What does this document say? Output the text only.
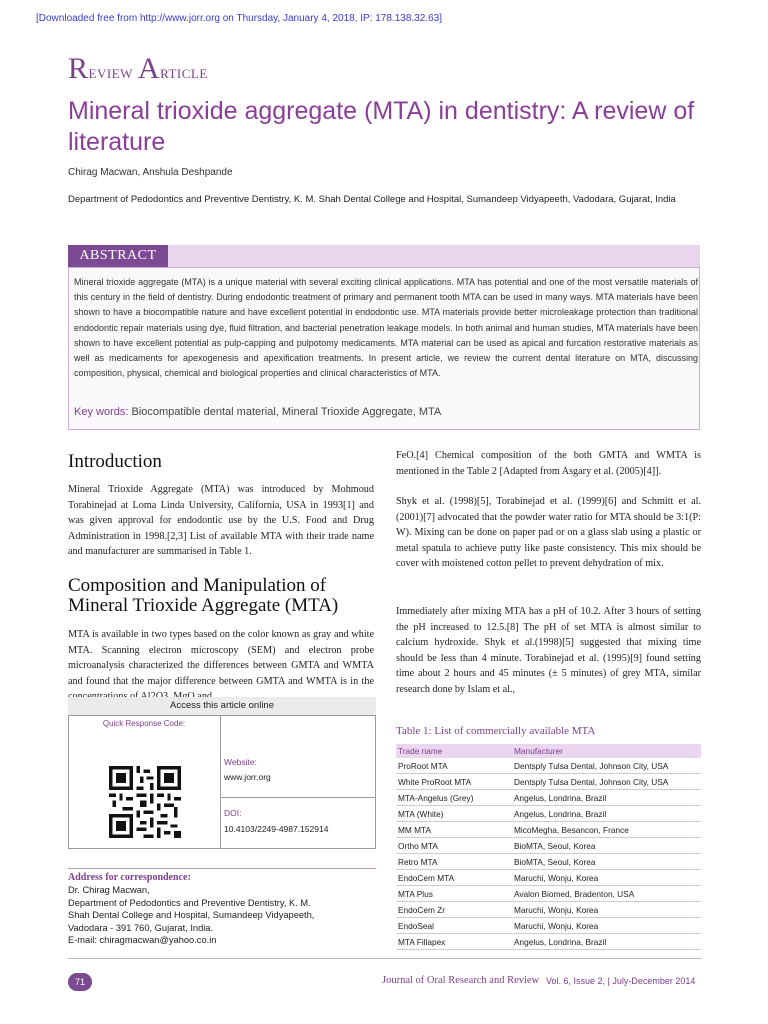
[Downloaded free from http://www.jorr.org on Thursday, January 4, 2018, IP: 178.138.32.63]
Review Article
Mineral trioxide aggregate (MTA) in dentistry: A review of literature
Chirag Macwan, Anshula Deshpande
Department of Pedodontics and Preventive Dentistry, K. M. Shah Dental College and Hospital, Sumandeep Vidyapeeth, Vadodara, Gujarat, India
ABSTRACT
Mineral trioxide aggregate (MTA) is a unique material with several exciting clinical applications. MTA has potential and one of the most versatile materials of this century in the field of dentistry. During endodontic treatment of primary and permanent tooth MTA can be used in many ways. MTA materials have been shown to have a biocompatible nature and have excellent potential in endodontic use. MTA materials provide better microleakage protection than traditional endodontic repair materials using dye, fluid filtration, and bacterial penetration leakage models. In both animal and human studies, MTA materials have been shown to have excellent potential as pulp-capping and pulpotomy medicaments. MTA material can be used as apical and furcation restorative materials as well as medicaments for apexogenesis and apexification treatments. In present article, we review the current dental literature on MTA, discussing composition, physical, chemical and biological properties and clinical characteristics of MTA.
Key words: Biocompatible dental material, Mineral Trioxide Aggregate, MTA
Introduction
Mineral Trioxide Aggregate (MTA) was introduced by Mohmoud Torabinejad at Loma Linda University, California, USA in 1993[1] and was given approval for endodontic use by the U.S. Food and Drug Administration in 1998.[2,3] List of available MTA with their trade name and manufacturer are summarised in Table 1.
Composition and Manipulation of Mineral Trioxide Aggregate (MTA)
MTA is available in two types based on the color known as gray and white MTA. Scanning electron microscopy (SEM) and electron probe microanalysis characterized the differences between GMTA and WMTA and found that the major difference between GMTA and WMTA is in the
Access this article online
Quick Response Code:
Website:
www.jorr.org
DOI:
10.4103/2249-4987.152914
Address for correspondence:
Dr. Chirag Macwan,
Department of Pedodontics and Preventive Dentistry, K. M.
Shah Dental College and Hospital, Sumandeep Vidyapeeth,
Vadodara - 391 760, Gujarat, India.
E-mail: chiragmacwan@yahoo.co.in
FeO.[4] Chemical composition of the both GMTA and WMTA is mentioned in the Table 2 [Adapted from Asgary et al. (2005)[4]].
Shyk et al. (1998)[5], Torabinejad et al. (1999)[6] and Schmitt et al. (2001)[7] advocated that the powder water ratio for MTA should be 3:1(P: W). Mixing can be done on paper pad or on a glass slab using a plastic or metal spatula to achieve putty like paste consistency. This mix should be cover with moistened cotton pellet to prevent dehydration of mix.
Immediately after mixing MTA has a pH of 10.2. After 3 hours of setting the pH increased to 12.5.[8] The pH of set MTA is almost similar to calcium hydroxide. Shyk et al.(1998)[5] suggested that mixing time should be less than 4 minute. Torabinejad et al. (1995)[9] found setting time about 2 hours and 45 minutes (± 5 minutes) of grey MTA, similar research done by Islam et al.,
Table 1: List of commercially available MTA
Trade name	Manufacturer
ProRoot MTA	Dentsply Tulsa Dental, Johnson City, USA
White ProRoot MTA	Dentsply Tulsa Dental, Johnson City, USA
MTA-Angelus (Grey)	Angelus, Londrina, Brazil
MTA (White)	Angelus, Londrina, Brazil
MM MTA	MicoMegha, Besancon, France
Ortho MTA	BioMTA, Seoul, Korea
Retro MTA	BioMTA, Seoul, Korea
EndoCem MTA	Maruchi, Wonju, Korea
MTA Plus	Avalon Biomed, Bradenton, USA
EndoCem Zr	Maruchi, Wonju, Korea
EndoSeal	Maruchi, Wonju, Korea
MTA Fillapex	Angelus, Londrina, Brazil
71	Journal of Oral Research and Review Vol. 6, Issue 2, | July-December 2014
